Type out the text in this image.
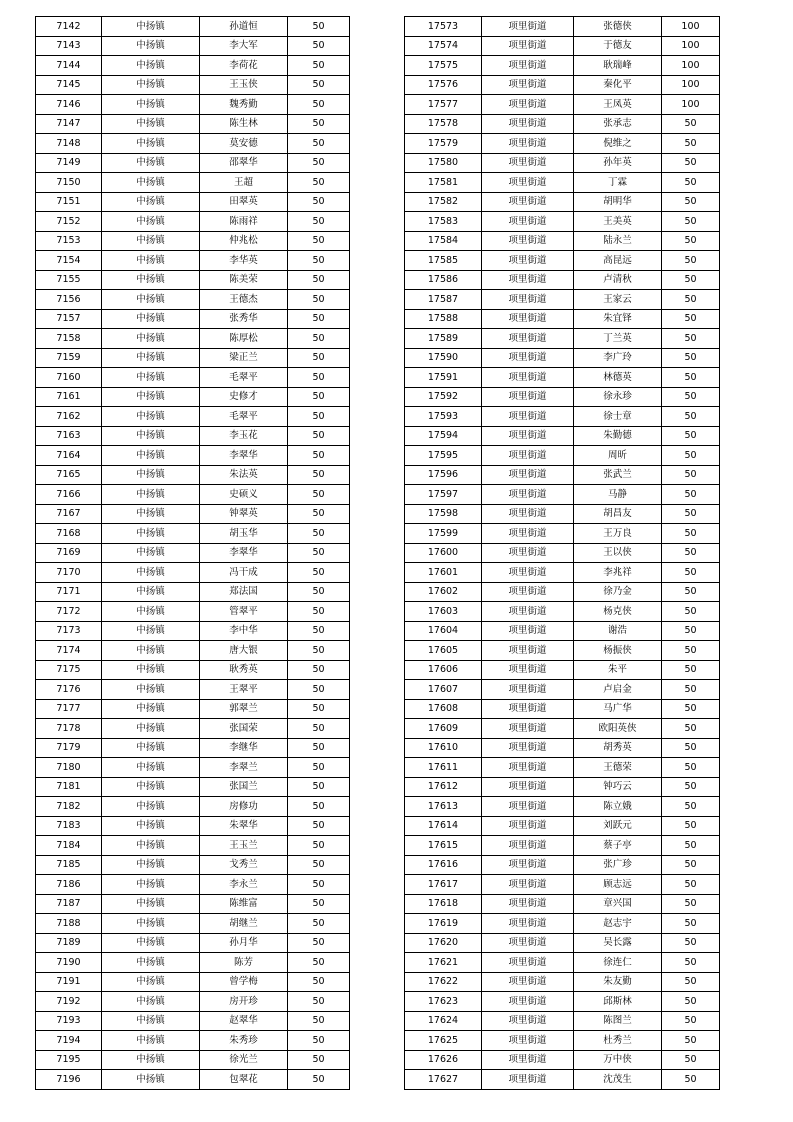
7142	中扬镇	孙道恒	50
7143	中扬镇	李大军	50
7144	中扬镇	李荷花	50
7145	中扬镇	王玉侠	50
7146	中扬镇	魏秀勤	50
7147	中扬镇	陈生林	50
7148	中扬镇	莫安德	50
7149	中扬镇	邵翠华	50
7150	中扬镇	王超	50
7151	中扬镇	田翠英	50
7152	中扬镇	陈雨祥	50
7153	中扬镇	仲兆松	50
7154	中扬镇	李华英	50
7155	中扬镇	陈美荣	50
7156	中扬镇	王德杰	50
7157	中扬镇	张秀华	50
7158	中扬镇	陈厚松	50
7159	中扬镇	梁正兰	50
7160	中扬镇	毛翠平	50
7161	中扬镇	史修才	50
7162	中扬镇	毛翠平	50
7163	中扬镇	李玉花	50
7164	中扬镇	李翠华	50
7165	中扬镇	朱法英	50
7166	中扬镇	史硕义	50
7167	中扬镇	钟翠英	50
7168	中扬镇	胡玉华	50
7169	中扬镇	李翠华	50
7170	中扬镇	冯干成	50
7171	中扬镇	郑法国	50
7172	中扬镇	管翠平	50
7173	中扬镇	李中华	50
7174	中扬镇	唐大银	50
7175	中扬镇	耿秀英	50
7176	中扬镇	王翠平	50
7177	中扬镇	郭翠兰	50
7178	中扬镇	张国荣	50
7179	中扬镇	李继华	50
7180	中扬镇	李翠兰	50
7181	中扬镇	张国兰	50
7182	中扬镇	房修功	50
7183	中扬镇	朱翠华	50
7184	中扬镇	王玉兰	50
7185	中扬镇	戈秀兰	50
7186	中扬镇	李永兰	50
7187	中扬镇	陈维富	50
7188	中扬镇	胡继兰	50
7189	中扬镇	孙月华	50
7190	中扬镇	陈芳	50
7191	中扬镇	曾学梅	50
7192	中扬镇	房开珍	50
7193	中扬镇	赵翠华	50
7194	中扬镇	朱秀珍	50
7195	中扬镇	徐光兰	50
7196	中扬镇	包翠花	50
17573	项里街道	张德侠	100
17574	项里街道	于德友	100
17575	项里街道	耿瑞峰	100
17576	项里街道	秦化平	100
17577	项里街道	王凤英	100
17578	项里街道	张承志	50
17579	项里街道	倪维之	50
17580	项里街道	孙年英	50
17581	项里街道	丁霖	50
17582	项里街道	胡明华	50
17583	项里街道	王美英	50
17584	项里街道	陆永兰	50
17585	项里街道	高昆远	50
17586	项里街道	卢清秋	50
17587	项里街道	王家云	50
17588	项里街道	朱宜铎	50
17589	项里街道	丁兰英	50
17590	项里街道	李广玲	50
17591	项里街道	林德英	50
17592	项里街道	徐永珍	50
17593	项里街道	徐士章	50
17594	项里街道	朱勤德	50
17595	项里街道	周昕	50
17596	项里街道	张武兰	50
17597	项里街道	马静	50
17598	项里街道	胡昌友	50
17599	项里街道	王万良	50
17600	项里街道	王以侠	50
17601	项里街道	李兆祥	50
17602	项里街道	徐乃金	50
17603	项里街道	杨克侠	50
17604	项里街道	谢浩	50
17605	项里街道	杨振侠	50
17606	项里街道	朱平	50
17607	项里街道	卢启金	50
17608	项里街道	马广华	50
17609	项里街道	欧阳英侠	50
17610	项里街道	胡秀英	50
17611	项里街道	王德荣	50
17612	项里街道	钟巧云	50
17613	项里街道	陈立娥	50
17614	项里街道	刘跃元	50
17615	项里街道	蔡子亭	50
17616	项里街道	张广珍	50
17617	项里街道	顾志远	50
17618	项里街道	章兴国	50
17619	项里街道	赵志宇	50
17620	项里街道	吴长露	50
17621	项里街道	徐连仁	50
17622	项里街道	朱友勤	50
17623	项里街道	邱斯林	50
17624	项里街道	陈图兰	50
17625	项里街道	杜秀兰	50
17626	项里街道	万中侠	50
17627	项里街道	沈茂生	50
